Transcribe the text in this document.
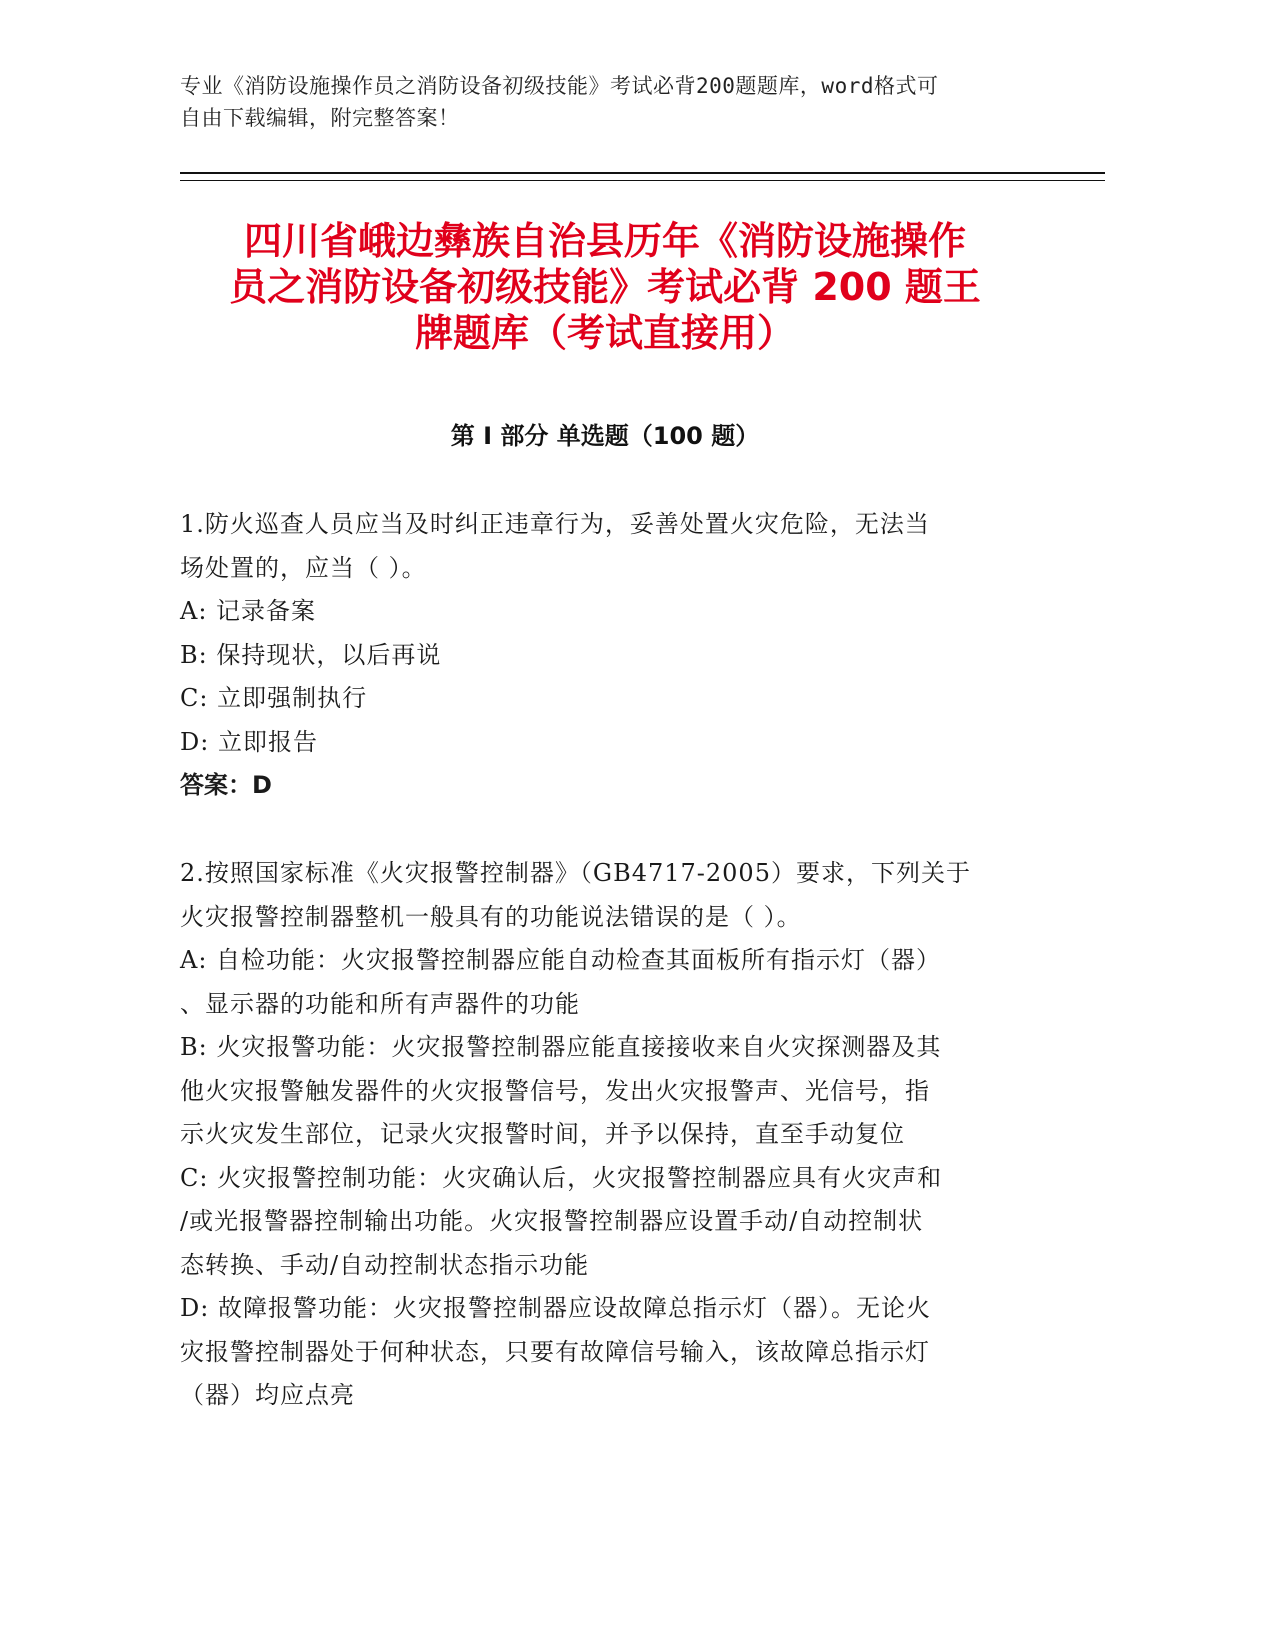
专业《消防设施操作员之消防设备初级技能》考试必背200题题库，word格式可
自由下载编辑，附完整答案！
四川省峨边彝族自治县历年《消防设施操作
员之消防设备初级技能》考试必背 200 题王
牌题库（考试直接用）
第 I 部分 单选题（100 题）

1.防火巡查人员应当及时纠正违章行为，妥善处置火灾危险，无法当

场处置的，应当（ ）。

A: 记录备案

B: 保持现状，以后再说

C: 立即强制执行

D: 立即报告

答案：D

2.按照国家标准《火灾报警控制器》（GB4717-2005）要求，下列关于

火灾报警控制器整机一般具有的功能说法错误的是（ ）。

A: 自检功能：火灾报警控制器应能自动检查其面板所有指示灯（器）

、显示器的功能和所有声器件的功能

B: 火灾报警功能：火灾报警控制器应能直接接收来自火灾探测器及其

他火灾报警触发器件的火灾报警信号，发出火灾报警声、光信号，指

示火灾发生部位，记录火灾报警时间，并予以保持，直至手动复位

C: 火灾报警控制功能：火灾确认后，火灾报警控制器应具有火灾声和

/或光报警器控制输出功能。火灾报警控制器应设置手动/自动控制状

态转换、手动/自动控制状态指示功能

D: 故障报警功能：火灾报警控制器应设故障总指示灯（器）。无论火

灾报警控制器处于何种状态，只要有故障信号输入，该故障总指示灯

（器）均应点亮
